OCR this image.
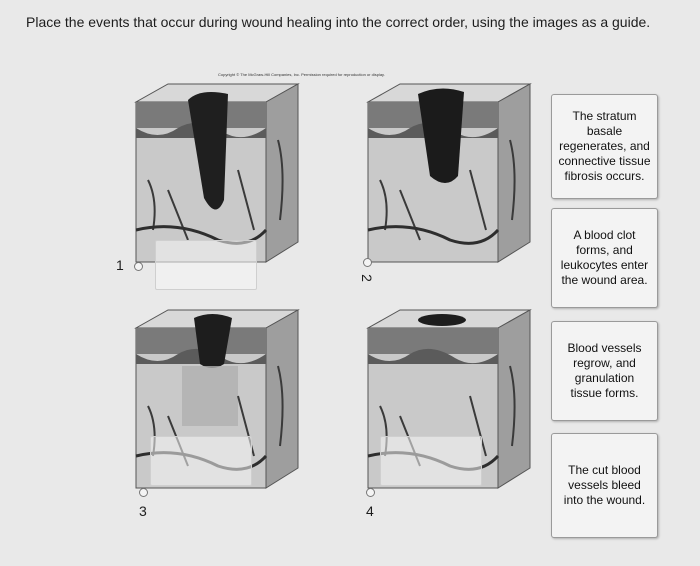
Place the events that occur during wound healing into the correct order, using the images as a guide.
Copyright © The McGraw-Hill Companies, Inc. Permission required for reproduction or display.
1
2
3	4
The stratum basale regenerates, and connective tissue fibrosis occurs.
A blood clot forms, and leukocytes enter the wound area.
Blood vessels regrow, and granulation tissue forms.
The cut blood vessels bleed into the wound.
